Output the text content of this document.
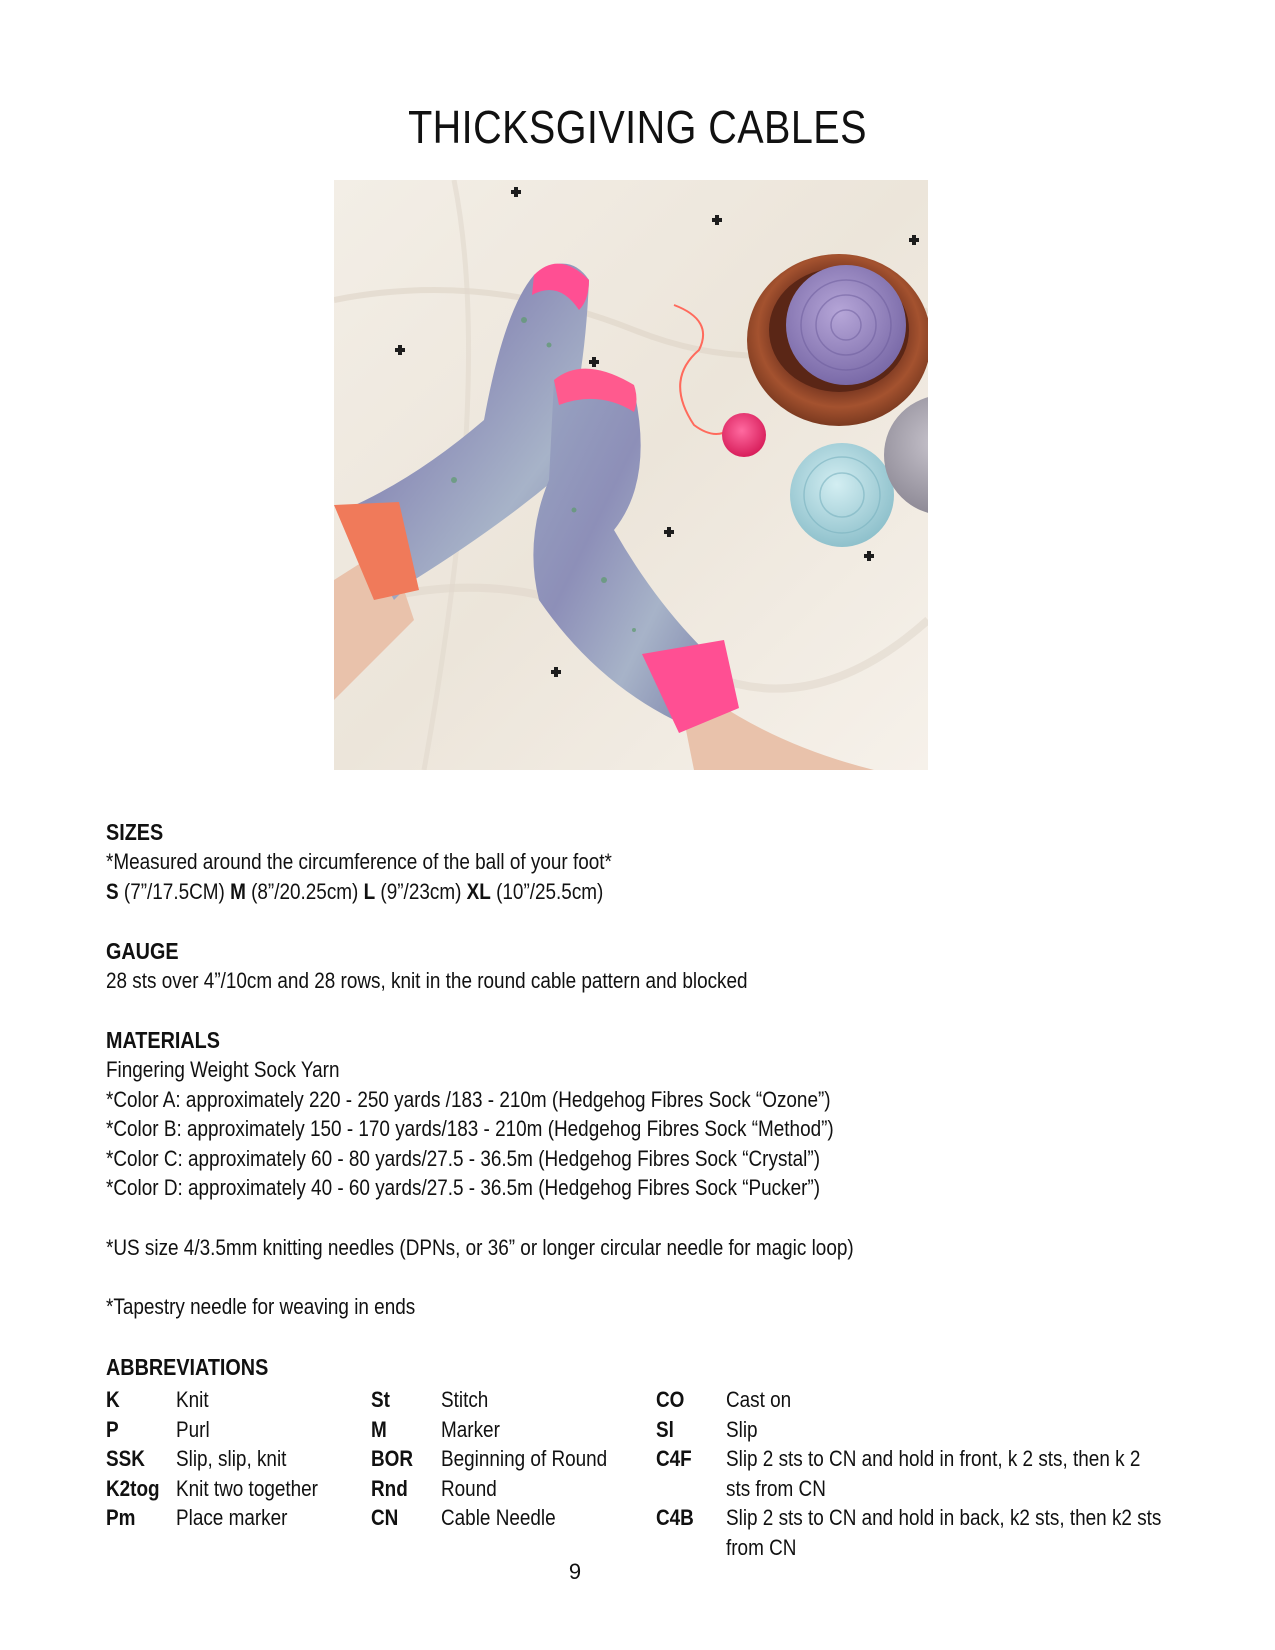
THICKSGIVING CABLES
SIZES
*Measured around the circumference of the ball of your foot*
S (7”/17.5CM) M (8”/20.25cm) L (9”/23cm) XL (10”/25.5cm)
GAUGE
28 sts over 4”/10cm and 28 rows, knit in the round cable pattern and blocked
MATERIALS
Fingering Weight Sock Yarn
*Color A: approximately 220 - 250 yards /183 - 210m (Hedgehog Fibres Sock “Ozone”)
*Color B: approximately 150 - 170 yards/183 - 210m (Hedgehog Fibres Sock “Method”)
*Color C: approximately 60 - 80 yards/27.5 - 36.5m (Hedgehog Fibres Sock “Crystal”)
*Color D: approximately 40 - 60 yards/27.5 - 36.5m (Hedgehog Fibres Sock “Pucker”)
*US size 4/3.5mm knitting needles (DPNs, or 36” or longer circular needle for magic loop)
*Tapestry needle for weaving in ends
ABBREVIATIONS
K	Knit
P	Purl
SSK Slip, slip, knit
K2tog Knit two together
Pm Place marker
St Stitch
M Marker
BOR Beginning of Round
Rnd Round
CN Cable Needle
CO Cast on
Sl Slip
C4F Slip 2 sts to CN and hold in front, k 2 sts, then k 2 sts from CN
C4B Slip 2 sts to CN and hold in back, k2 sts, then k2 sts from CN
9
